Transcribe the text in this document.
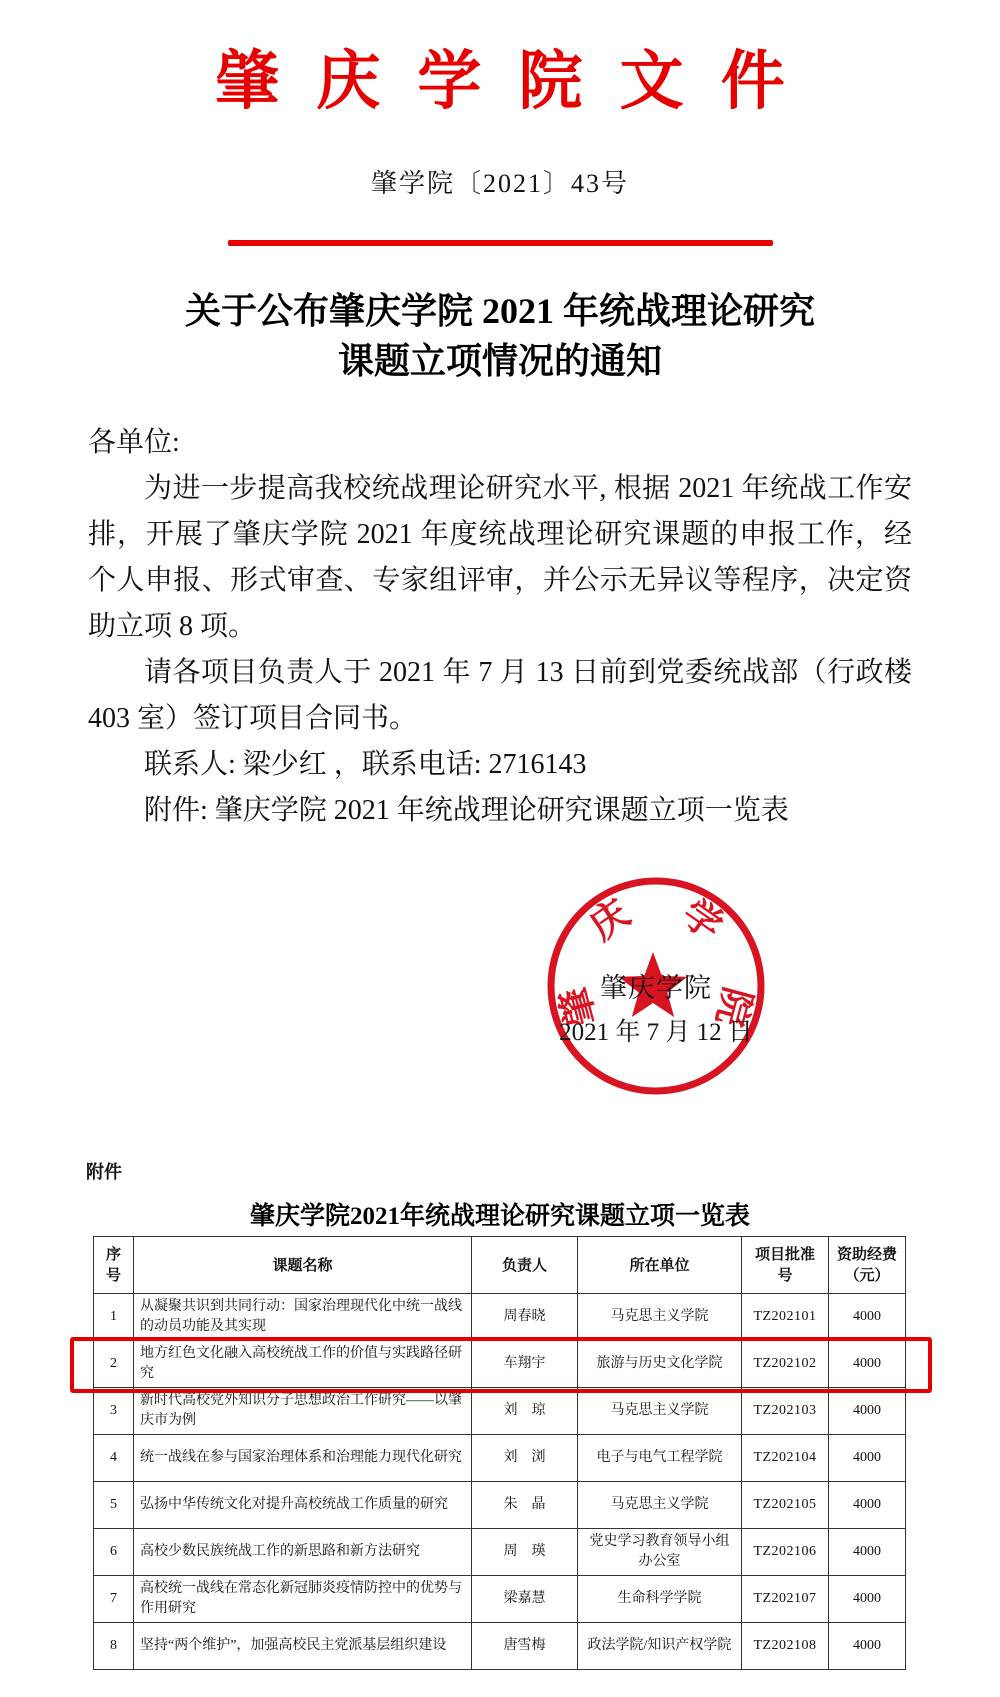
肇庆学院文件
肇学院〔2021〕43号
关于公布肇庆学院 2021 年统战理论研究
课题立项情况的通知

各单位:

为进一步提高我校统战理论研究水平, 根据 2021 年统战工作安排，开展了肇庆学院 2021 年度统战理论研究课题的申报工作，经个人申报、形式审查、专家组评审，并公示无异议等程序，决定资助立项 8 项。

请各项目负责人于 2021 年 7 月 13 日前到党委统战部（行政楼 403 室）签订项目合同书。

联系人: 梁少红 ，联系电话: 2716143

附件: 肇庆学院 2021 年统战理论研究课题立项一览表

肇
庆 学
院
肇庆学院
2021 年 7 月 12 日
附件
肇庆学院2021年统战理论研究课题立项一览表
序号	课题名称	负责人	所在单位	项目批准号	资助经费（元）
1	从凝聚共识到共同行动：国家治理现代化中统一战线的动员功能及其实现	周春晓	马克思主义学院	TZ202101	4000
2	地方红色文化融入高校统战工作的价值与实践路径研究	车翔宇	旅游与历史文化学院	TZ202102	4000
3	新时代高校党外知识分子思想政治工作研究——以肇庆市为例	刘　琼	马克思主义学院	TZ202103	4000
4	统一战线在参与国家治理体系和治理能力现代化研究	刘　浏	电子与电气工程学院	TZ202104	4000
5	弘扬中华传统文化对提升高校统战工作质量的研究	朱　晶	马克思主义学院	TZ202105	4000
6	高校少数民族统战工作的新思路和新方法研究	周　瑛	党史学习教育领导小组办公室	TZ202106	4000
7	高校统一战线在常态化新冠肺炎疫情防控中的优势与作用研究	梁嘉慧	生命科学学院	TZ202107	4000
8	坚持“两个维护”，加强高校民主党派基层组织建设	唐雪梅	政法学院/知识产权学院	TZ202108	4000
